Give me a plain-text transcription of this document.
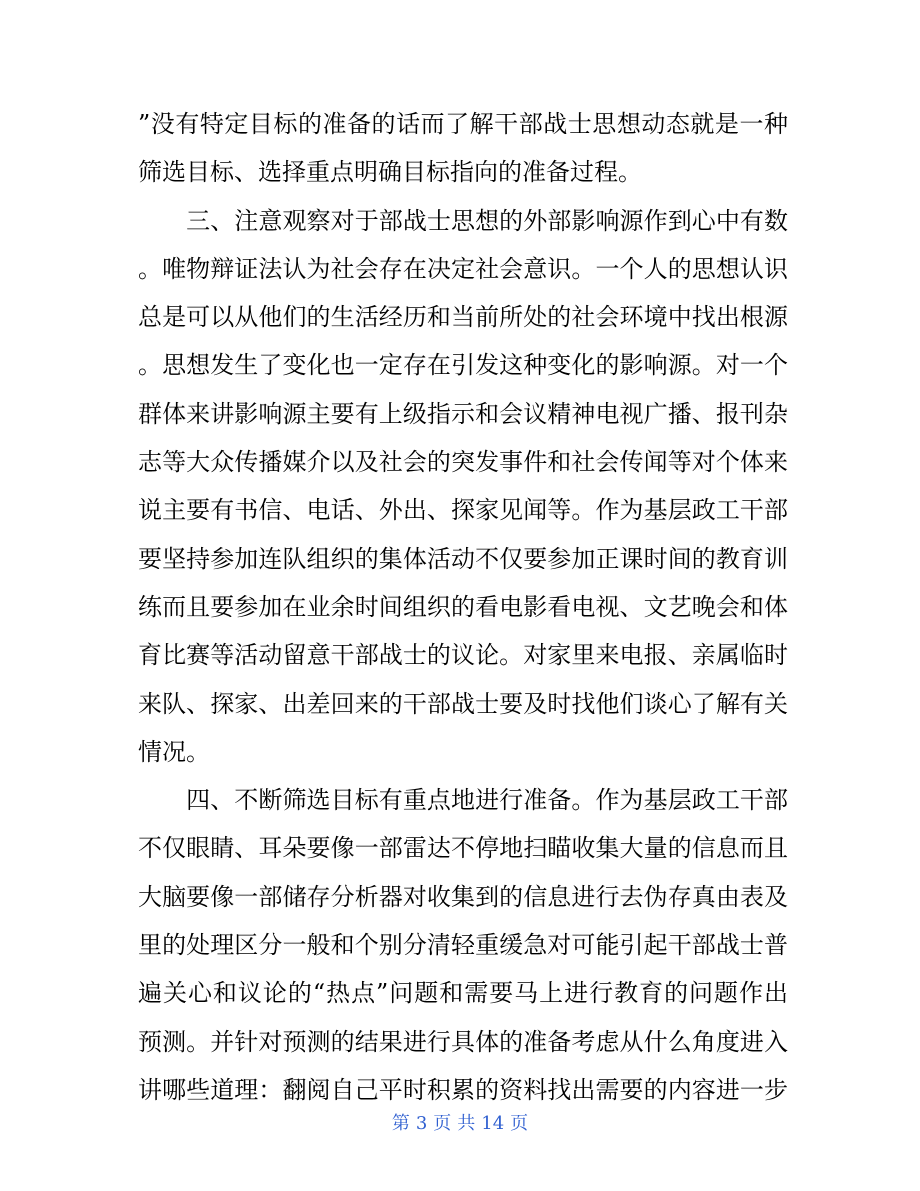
”没有特定目标的准备的话而了解干部战士思想动态就是一种
筛选目标、选择重点明确目标指向的准备过程。
　　三、注意观察对于部战士思想的外部影响源作到心中有数
。唯物辩证法认为社会存在决定社会意识。一个人的思想认识
总是可以从他们的生活经历和当前所处的社会环境中找出根源
。思想发生了变化也一定存在引发这种变化的影响源。对一个
群体来讲影响源主要有上级指示和会议精神电视广播、报刊杂
志等大众传播媒介以及社会的突发事件和社会传闻等对个体来
说主要有书信、电话、外出、探家见闻等。作为基层政工干部
要坚持参加连队组织的集体活动不仅要参加正课时间的教育训
练而且要参加在业余时间组织的看电影看电视、文艺晚会和体
育比赛等活动留意干部战士的议论。对家里来电报、亲属临时
来队、探家、出差回来的干部战士要及时找他们谈心了解有关
情况。
　　四、不断筛选目标有重点地进行准备。作为基层政工干部
不仅眼睛、耳朵要像一部雷达不停地扫瞄收集大量的信息而且
大脑要像一部储存分析器对收集到的信息进行去伪存真由表及
里的处理区分一般和个别分清轻重缓急对可能引起干部战士普
遍关心和议论的“热点”问题和需要马上进行教育的问题作出
预测。并针对预测的结果进行具体的准备考虑从什么角度进入
讲哪些道理：翻阅自己平时积累的资料找出需要的内容进一步
第 3 页 共 14 页
